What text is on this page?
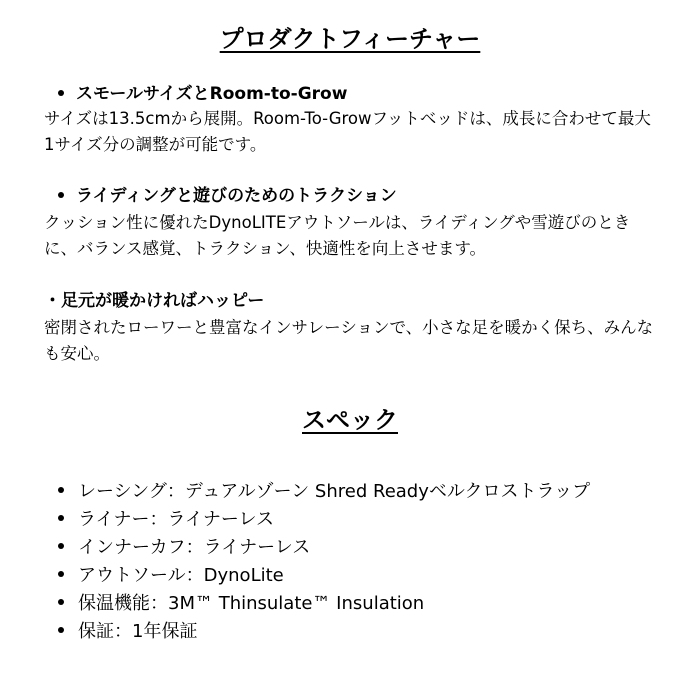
プロダクトフィーチャー
スモールサイズとRoom-to-Grow
サイズは13.5cmから展開。Room-To-Growフットベッドは、成長に合わせて最大1サイズ分の調整が可能です。
ライディングと遊びのためのトラクション
クッション性に優れたDynoLITEアウトソールは、ライディングや雪遊びのときに、バランス感覚、トラクション、快適性を向上させます。
・足元が暖かければハッピー
密閉されたローワーと豊富なインサレーションで、小さな足を暖かく保ち、みんなも安心。
スペック
レーシング：デュアルゾーン Shred Readyベルクロストラップ
ライナー：ライナーレス
インナーカフ：ライナーレス
アウトソール：DynoLite
保温機能：3M™ Thinsulate™ Insulation
保証：1年保証
